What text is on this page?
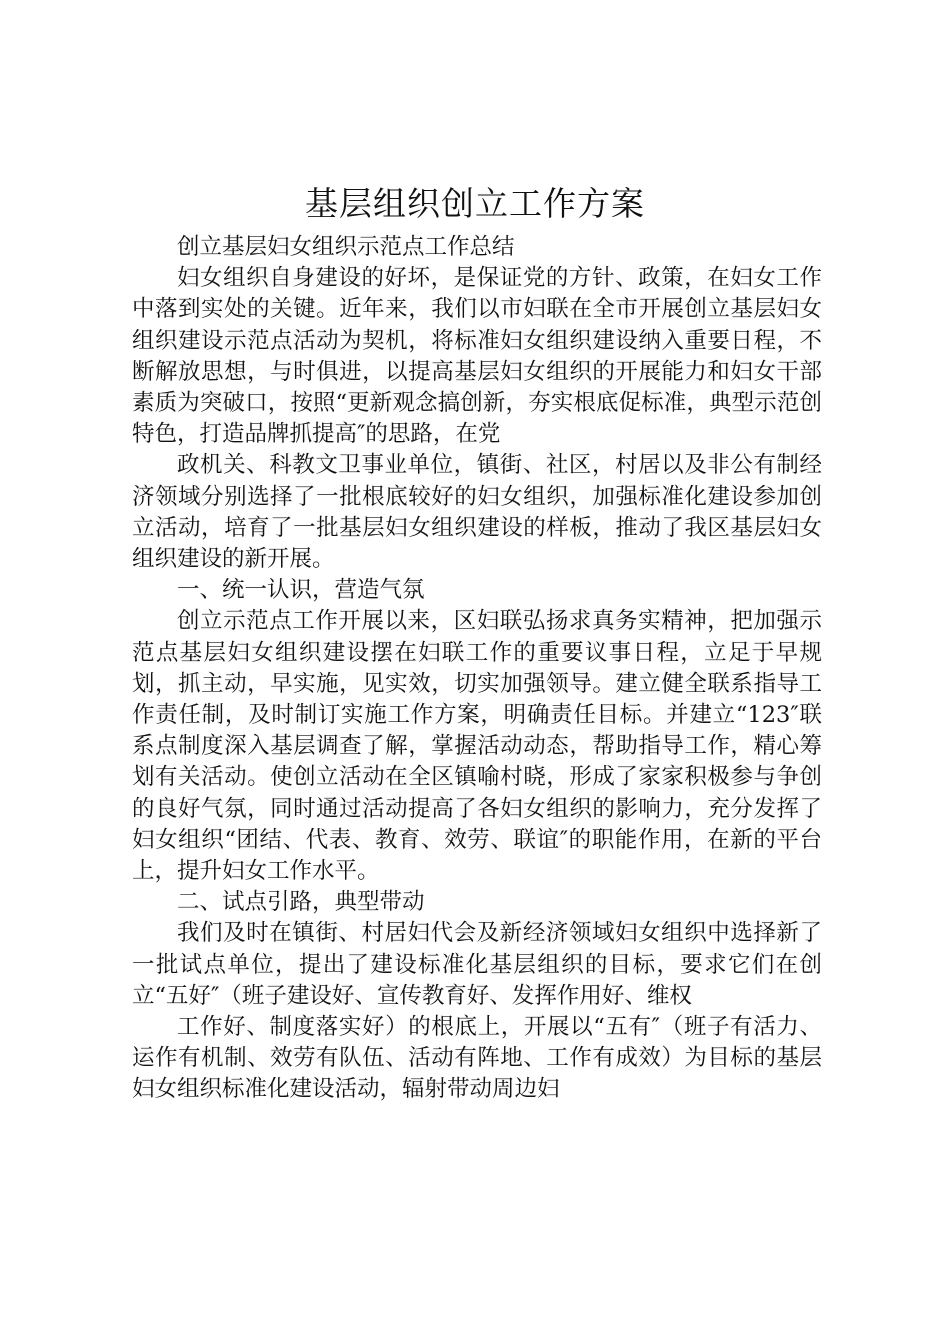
基层组织创立工作方案

创立基层妇女组织示范点工作总结

妇女组织自身建设的好坏，是保证党的方针、政策，在妇女工作中落到实处的关键。近年来，我们以市妇联在全市开展创立基层妇女组织建设示范点活动为契机，将标准妇女组织建设纳入重要日程，不断解放思想，与时俱进，以提高基层妇女组织的开展能力和妇女干部素质为突破口，按照“更新观念搞创新，夯实根底促标准，典型示范创特色，打造品牌抓提高″的思路，在党

政机关、科教文卫事业单位，镇街、社区，村居以及非公有制经济领域分别选择了一批根底较好的妇女组织，加强标准化建设参加创立活动，培育了一批基层妇女组织建设的样板，推动了我区基层妇女组织建设的新开展。

一、统一认识，营造气氛

创立示范点工作开展以来，区妇联弘扬求真务实精神，把加强示范点基层妇女组织建设摆在妇联工作的重要议事日程，立足于早规划，抓主动，早实施，见实效，切实加强领导。建立健全联系指导工作责任制，及时制订实施工作方案，明确责任目标。并建立“123″联系点制度深入基层调查了解，掌握活动动态，帮助指导工作，精心筹划有关活动。使创立活动在全区镇喻村晓，形成了家家积极参与争创的良好气氛，同时通过活动提高了各妇女组织的影响力，充分发挥了妇女组织“团结、代表、教育、效劳、联谊″的职能作用，在新的平台上，提升妇女工作水平。

二、试点引路，典型带动

我们及时在镇街、村居妇代会及新经济领域妇女组织中选择新了一批试点单位，提出了建设标准化基层组织的目标，要求它们在创立“五好″（班子建设好、宣传教育好、发挥作用好、维权

工作好、制度落实好）的根底上，开展以“五有″（班子有活力、运作有机制、效劳有队伍、活动有阵地、工作有成效）为目标的基层妇女组织标准化建设活动，辐射带动周边妇
